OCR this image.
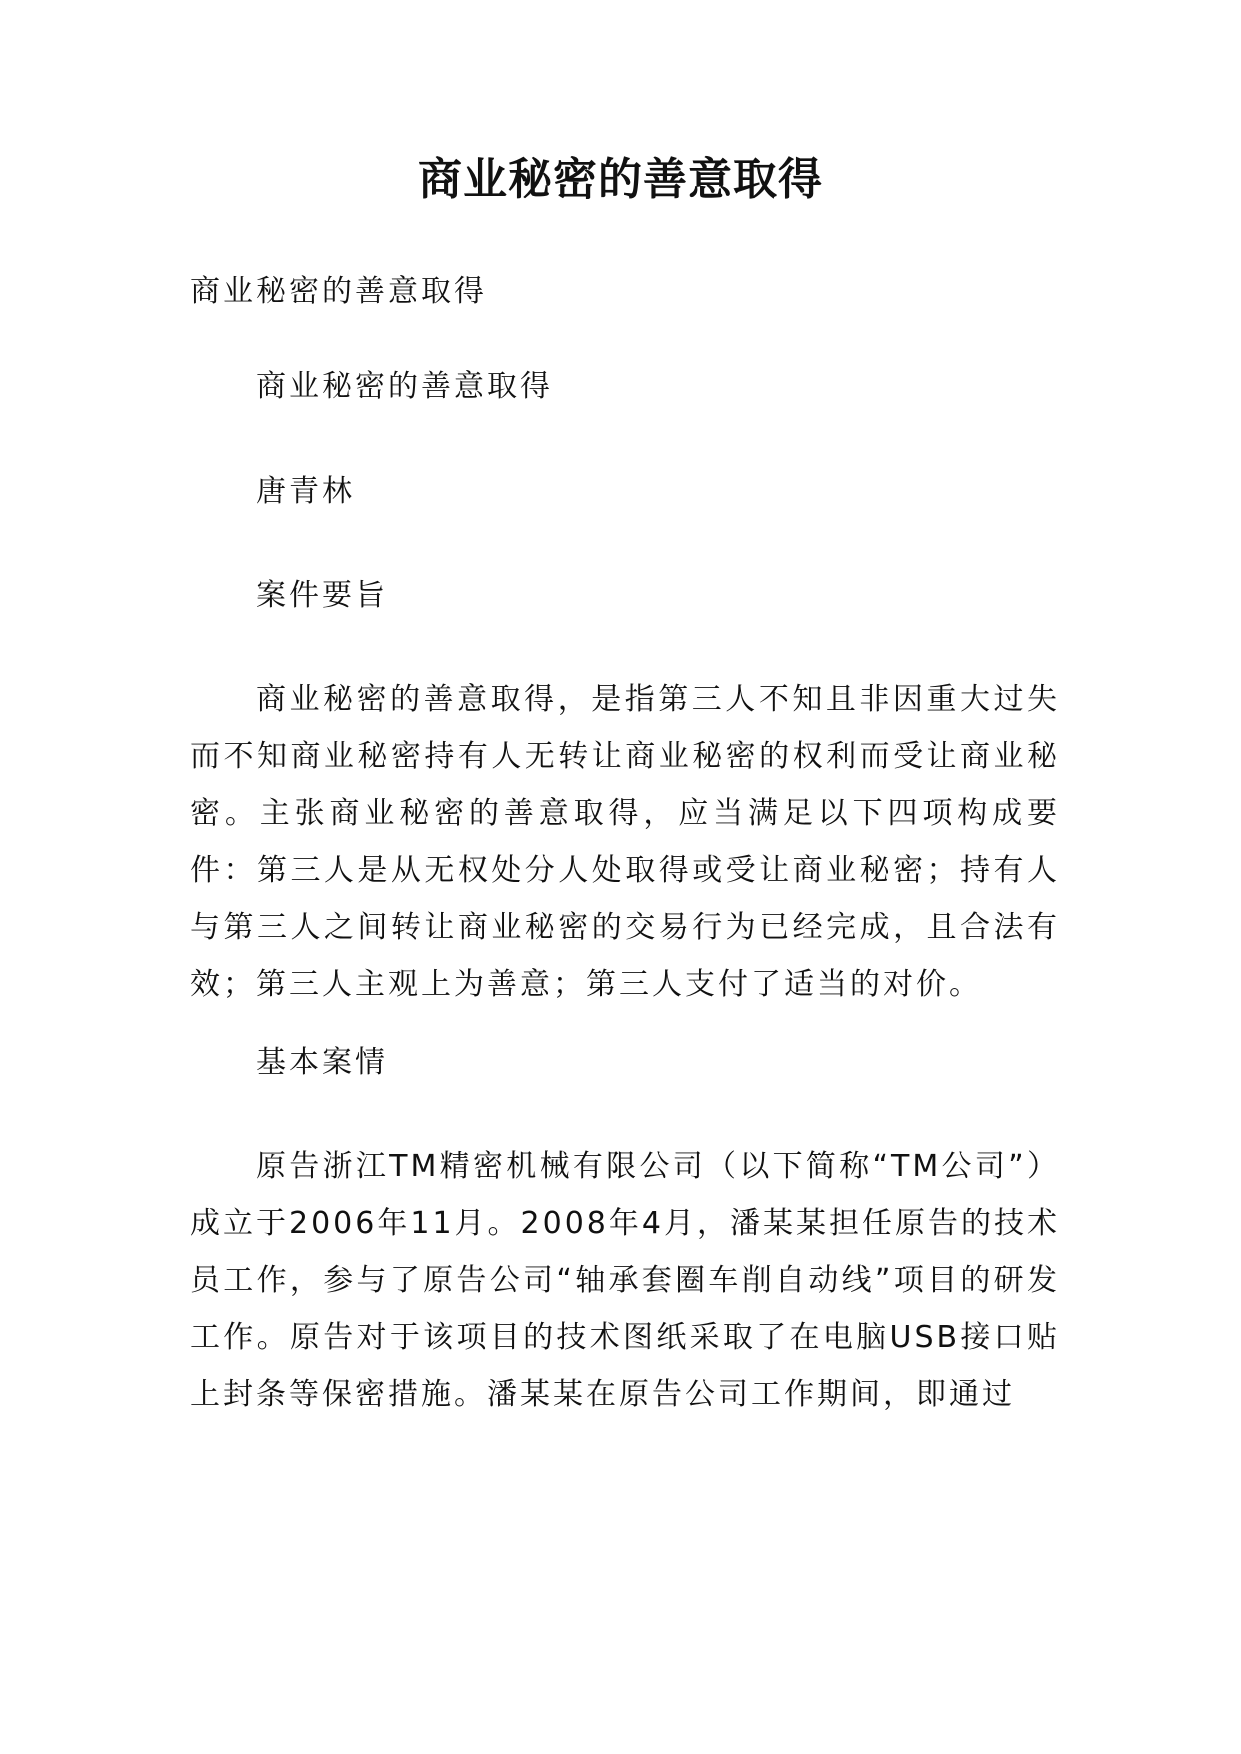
商业秘密的善意取得

商业秘密的善意取得

商业秘密的善意取得

唐青林

案件要旨

商业秘密的善意取得，是指第三人不知且非因重大过失而不知商业秘密持有人无转让商业秘密的权利而受让商业秘密。主张商业秘密的善意取得，应当满足以下四项构成要件：第三人是从无权处分人处取得或受让商业秘密；持有人与第三人之间转让商业秘密的交易行为已经完成，且合法有效；第三人主观上为善意；第三人支付了适当的对价。

基本案情

原告浙江TM精密机械有限公司（以下简称“TM公司”）成立于2006年11月。2008年4月，潘某某担任原告的技术员工作，参与了原告公司“轴承套圈车削自动线”项目的研发工作。原告对于该项目的技术图纸采取了在电脑USB接口贴上封条等保密措施。潘某某在原告公司工作期间，即通过
